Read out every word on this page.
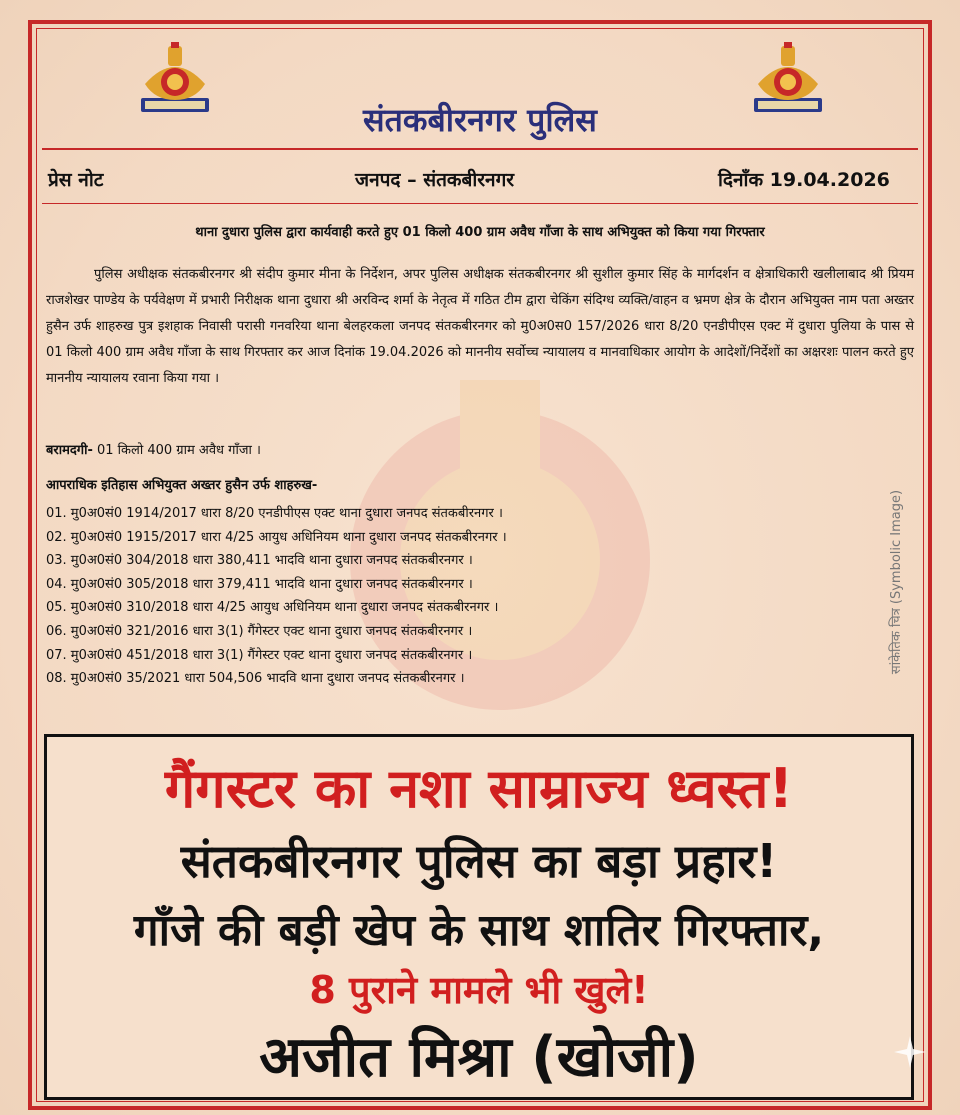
संतकबीरनगर पुलिस
प्रेस नोट	जनपद – संतकबीरनगर	दिनाँक 19.04.2026
थाना दुधारा पुलिस द्वारा कार्यवाही करते हुए 01 किलो 400 ग्राम अवैध गाँजा के साथ अभियुक्त को किया गया गिरफ्तार
पुलिस अधीक्षक संतकबीरनगर श्री संदीप कुमार मीना के निर्देशन, अपर पुलिस अधीक्षक संतकबीरनगर श्री सुशील कुमार सिंह के मार्गदर्शन व क्षेत्राधिकारी खलीलाबाद श्री प्रियम राजशेखर पाण्डेय के पर्यवेक्षण में प्रभारी निरीक्षक थाना दुधारा श्री अरविन्द शर्मा के नेतृत्व में गठित टीम द्वारा चेकिंग संदिग्ध व्यक्ति/वाहन व भ्रमण क्षेत्र के दौरान अभियुक्त नाम पता अख्तर हुसैन उर्फ शाहरुख पुत्र इशहाक निवासी परासी गनवरिया थाना बेलहरकला जनपद संतकबीरनगर को मु0अ0स0 157/2026 धारा 8/20 एनडीपीएस एक्ट में दुधारा पुलिया के पास से 01 किलो 400 ग्राम अवैध गाँजा के साथ गिरफ्तार कर आज दिनांक 19.04.2026 को माननीय सर्वोच्च न्यायालय व मानवाधिकार आयोग के आदेशों/निर्देशों का अक्षरशः पालन करते हुए माननीय न्यायालय रवाना किया गया ।
बरामदगी- 01 किलो 400 ग्राम अवैध गाँजा ।
आपराधिक इतिहास अभियुक्त अख्तर हुसैन उर्फ शाहरुख-
01. मु0अ0सं0 1914/2017 धारा 8/20 एनडीपीएस एक्ट थाना दुधारा जनपद संतकबीरनगर ।
02. मु0अ0सं0 1915/2017 धारा 4/25 आयुध अधिनियम थाना दुधारा जनपद संतकबीरनगर ।
03. मु0अ0सं0 304/2018 धारा 380,411 भादवि थाना दुधारा जनपद संतकबीरनगर ।
04. मु0अ0सं0 305/2018 धारा 379,411 भादवि थाना दुधारा जनपद संतकबीरनगर ।
05. मु0अ0सं0 310/2018 धारा 4/25 आयुध अधिनियम थाना दुधारा जनपद संतकबीरनगर ।
06. मु0अ0सं0 321/2016 धारा 3(1) गैंगेस्टर एक्ट थाना दुधारा जनपद संतकबीरनगर ।
07. मु0अ0सं0 451/2018 धारा 3(1) गैंगेस्टर एक्ट थाना दुधारा जनपद संतकबीरनगर ।
08. मु0अ0सं0 35/2021 धारा 504,506 भादवि थाना दुधारा जनपद संतकबीरनगर ।
सांकेतिक चित्र (Symbolic Image)
गैंगस्टर का नशा साम्राज्य ध्वस्त!
संतकबीरनगर पुलिस का बड़ा प्रहार!
गाँजे की बड़ी खेप के साथ शातिर गिरफ्तार,
8 पुराने मामले भी खुले!
अजीत मिश्रा (खोजी)
